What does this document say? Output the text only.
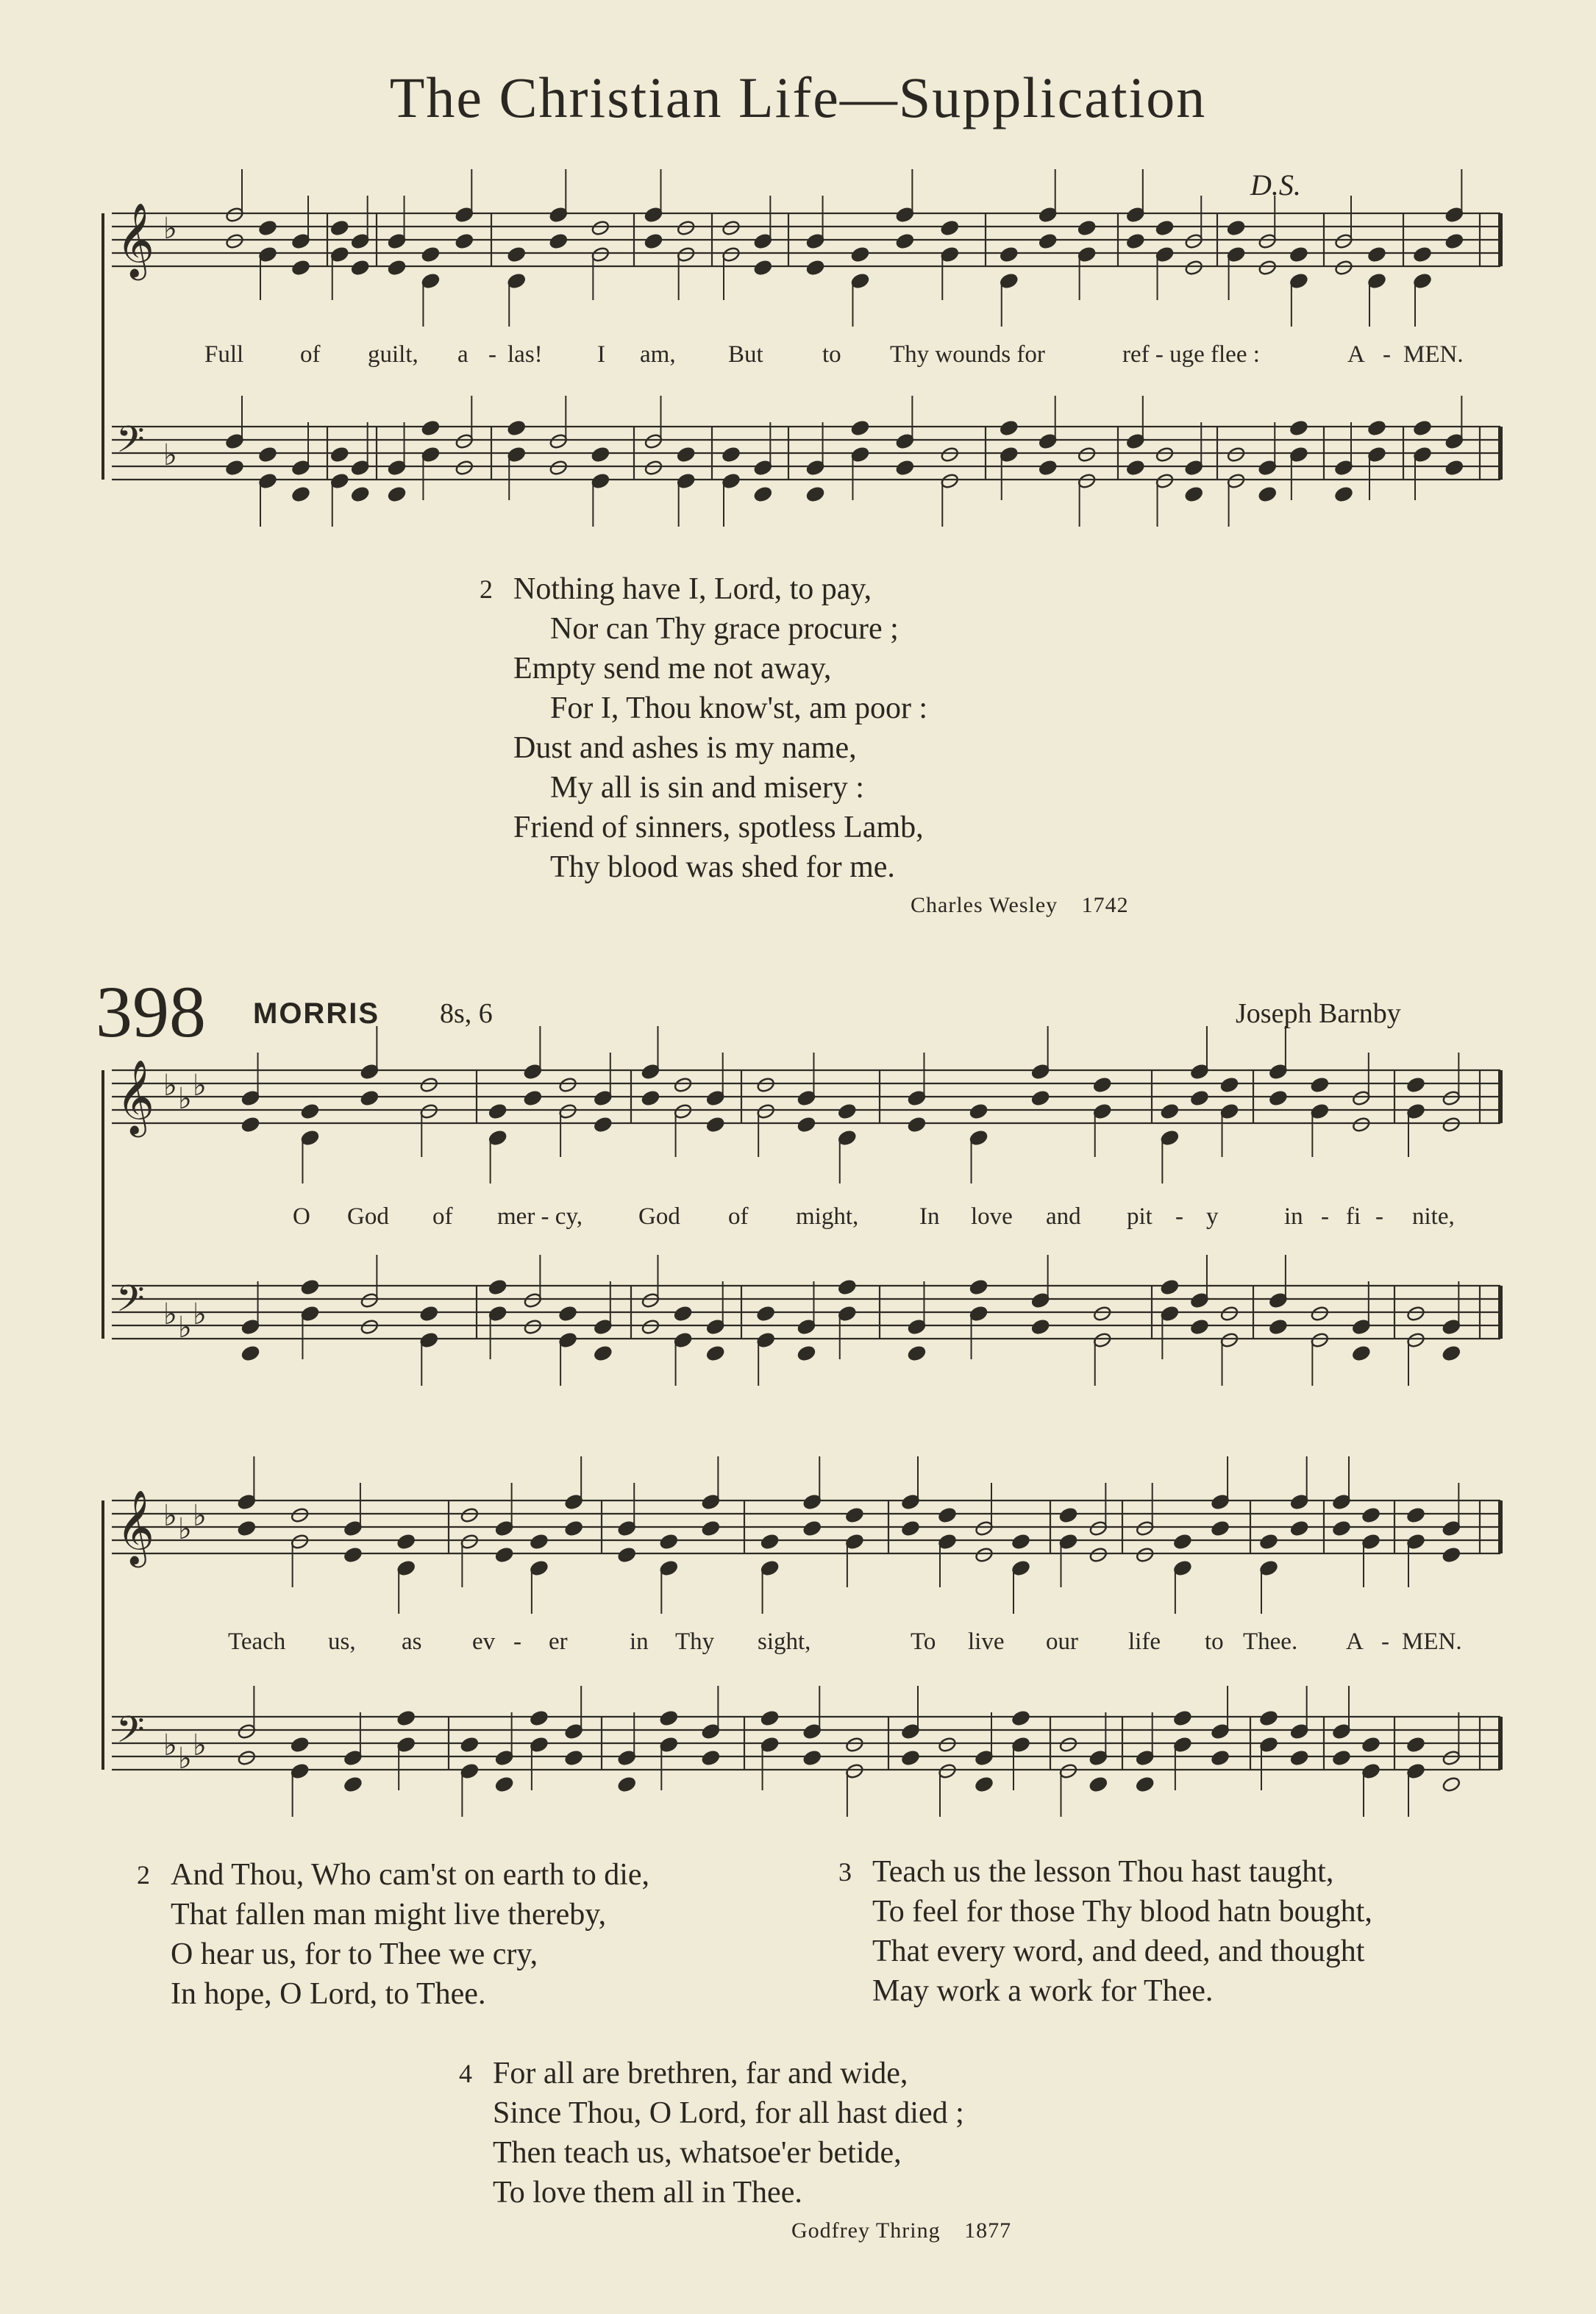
The Christian Life—Supplication
𝄞 ♭
𝄢 ♭
𝄞 ♭ ♭ ♭
𝄢 ♭ ♭ ♭
𝄞 ♭ ♭ ♭
𝄢 ♭ ♭ ♭
D.S.
Full of guilt, a - las! I am, But to Thy wounds for	ref - uge flee :	A - MEN.
2 Nothing have I, Lord, to pay,
Nor can Thy grace procure ;
Empty send me not away,
For I, Thou know'st, am poor :
Dust and ashes is my name,
My all is sin and misery :
Friend of sinners, spotless Lamb,
Thy blood was shed for me.
Charles Wesley 1742
398 MORRIS 8s, 6	Joseph Barnby
O God of mer - cy, God of might,	In love and pit - y	in - fi - nite,
Teach us, as ev - er	in Thy sight,	To live our life to Thee. A - MEN.
2 And Thou, Who cam'st on earth to die,
That fallen man might live thereby,
O hear us, for to Thee we cry,
In hope, O Lord, to Thee.
3 Teach us the lesson Thou hast taught,
To feel for those Thy blood hatn bought,
That every word, and deed, and thought
May work a work for Thee.
4 For all are brethren, far and wide,
Since Thou, O Lord, for all hast died ;
Then teach us, whatsoe'er betide,
To love them all in Thee.
Godfrey Thring 1877
